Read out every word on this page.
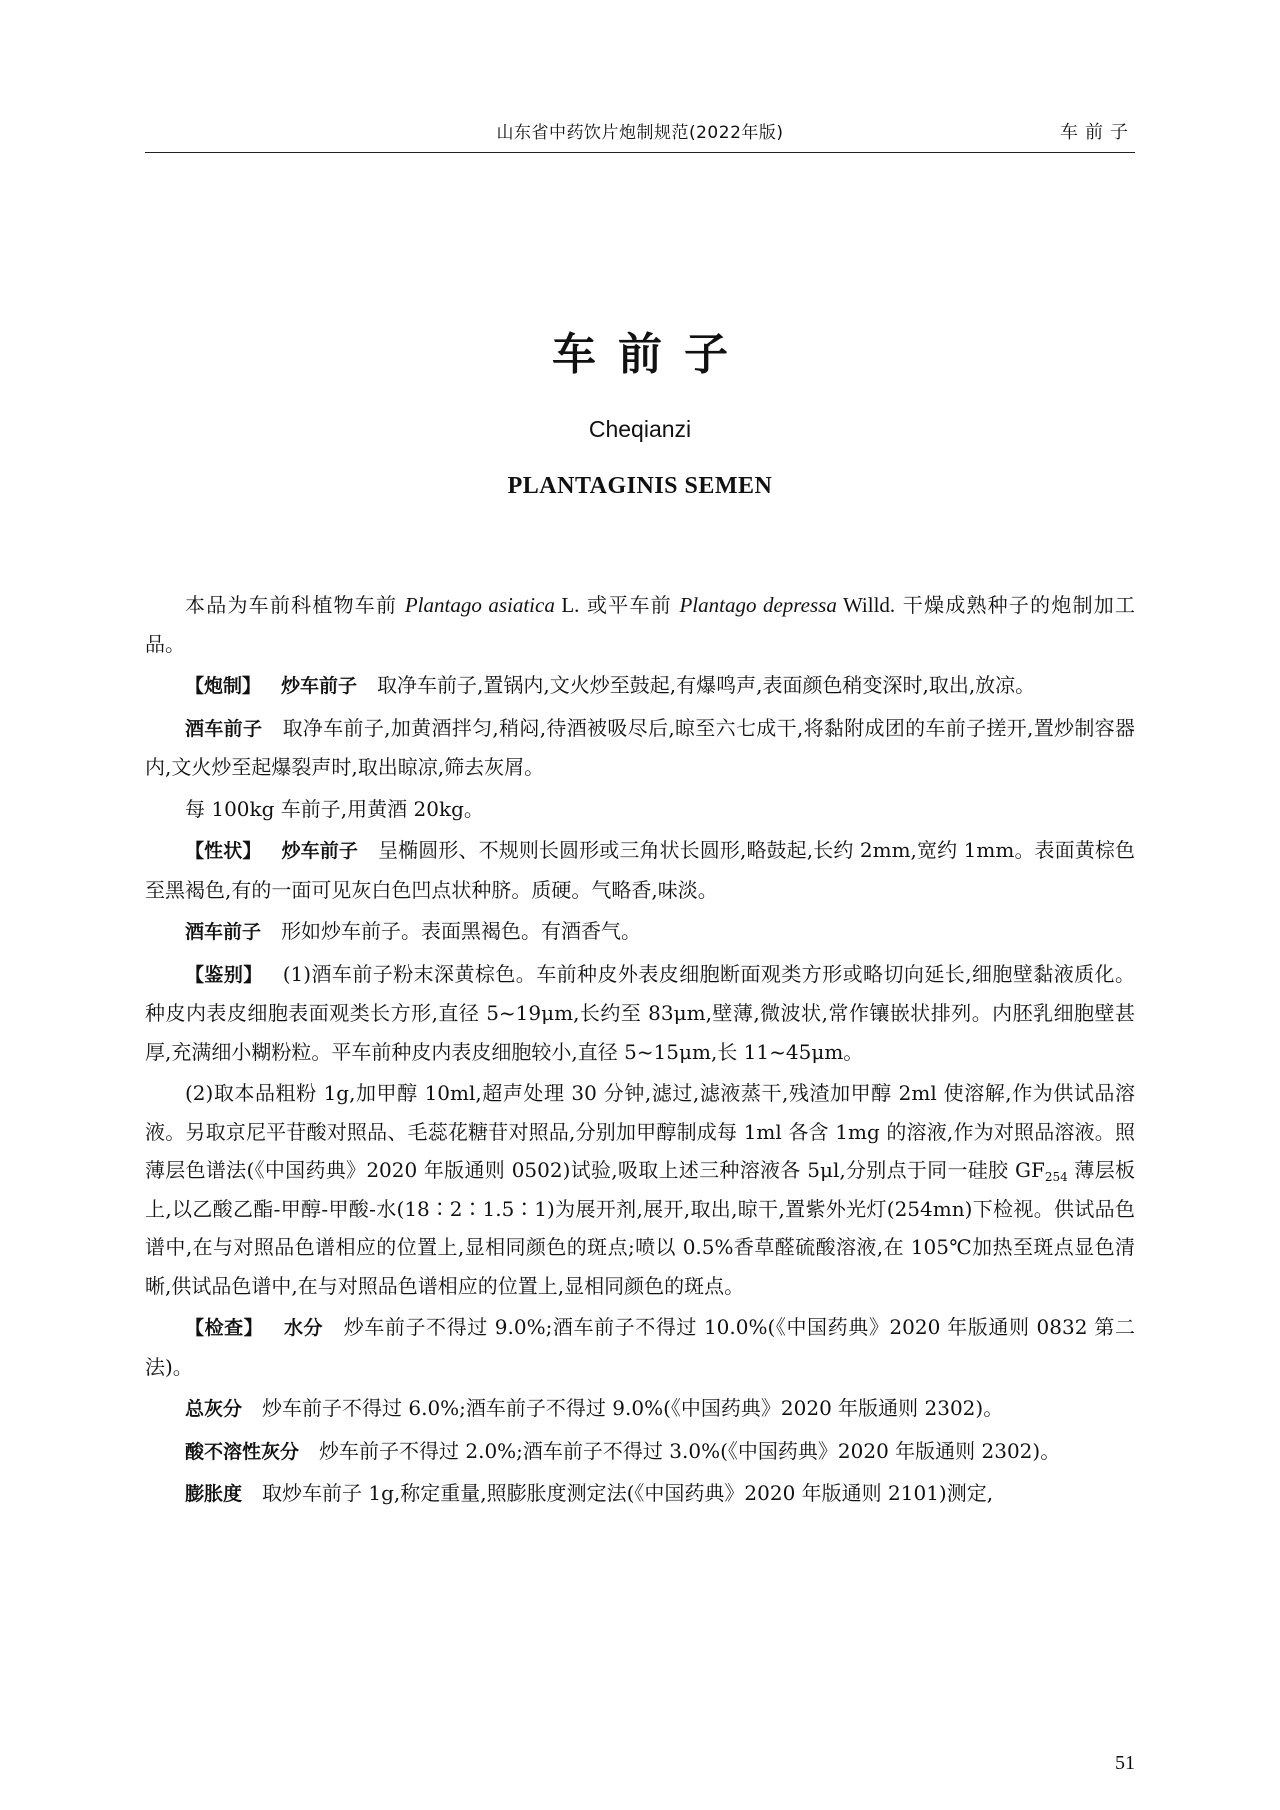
山东省中药饮片炮制规范(2022年版)	车前子
车前子
Cheqianzi
PLANTAGINIS SEMEN

本品为车前科植物车前 Plantago asiatica L. 或平车前 Plantago depressa Willd. 干燥成熟种子的炮制加工品。

【炮制】 炒车前子 取净车前子,置锅内,文火炒至鼓起,有爆鸣声,表面颜色稍变深时,取出,放凉。

酒车前子 取净车前子,加黄酒拌匀,稍闷,待酒被吸尽后,晾至六七成干,将黏附成团的车前子搓开,置炒制容器内,文火炒至起爆裂声时,取出晾凉,筛去灰屑。

每 100kg 车前子,用黄酒 20kg。

【性状】 炒车前子 呈椭圆形、不规则长圆形或三角状长圆形,略鼓起,长约 2mm,宽约 1mm。表面黄棕色至黑褐色,有的一面可见灰白色凹点状种脐。质硬。气略香,味淡。

酒车前子 形如炒车前子。表面黑褐色。有酒香气。

【鉴别】 (1)酒车前子粉末深黄棕色。车前种皮外表皮细胞断面观类方形或略切向延长,细胞壁黏液质化。种皮内表皮细胞表面观类长方形,直径 5~19μm,长约至 83μm,壁薄,微波状,常作镶嵌状排列。内胚乳细胞壁甚厚,充满细小糊粉粒。平车前种皮内表皮细胞较小,直径 5~15μm,长 11~45μm。

(2)取本品粗粉 1g,加甲醇 10ml,超声处理 30 分钟,滤过,滤液蒸干,残渣加甲醇 2ml 使溶解,作为供试品溶液。另取京尼平苷酸对照品、毛蕊花糖苷对照品,分别加甲醇制成每 1ml 各含 1mg 的溶液,作为对照品溶液。照薄层色谱法(《中国药典》2020 年版通则 0502)试验,吸取上述三种溶液各 5μl,分别点于同一硅胶 $GF_{254}$ 薄层板上,以乙酸乙酯-甲醇-甲酸-水(18∶2∶1.5∶1)为展开剂,展开,取出,晾干,置紫外光灯(254mn)下检视。供试品色谱中,在与对照品色谱相应的位置上,显相同颜色的斑点;喷以 0.5%香草醛硫酸溶液,在 105℃加热至斑点显色清晰,供试品色谱中,在与对照品色谱相应的位置上,显相同颜色的斑点。

【检查】 水分 炒车前子不得过 9.0%;酒车前子不得过 10.0%(《中国药典》2020 年版通则 0832 第二法)。

总灰分 炒车前子不得过 6.0%;酒车前子不得过 9.0%(《中国药典》2020 年版通则 2302)。

酸不溶性灰分 炒车前子不得过 2.0%;酒车前子不得过 3.0%(《中国药典》2020 年版通则 2302)。

膨胀度 取炒车前子 1g,称定重量,照膨胀度测定法(《中国药典》2020 年版通则 2101)测定,

51
